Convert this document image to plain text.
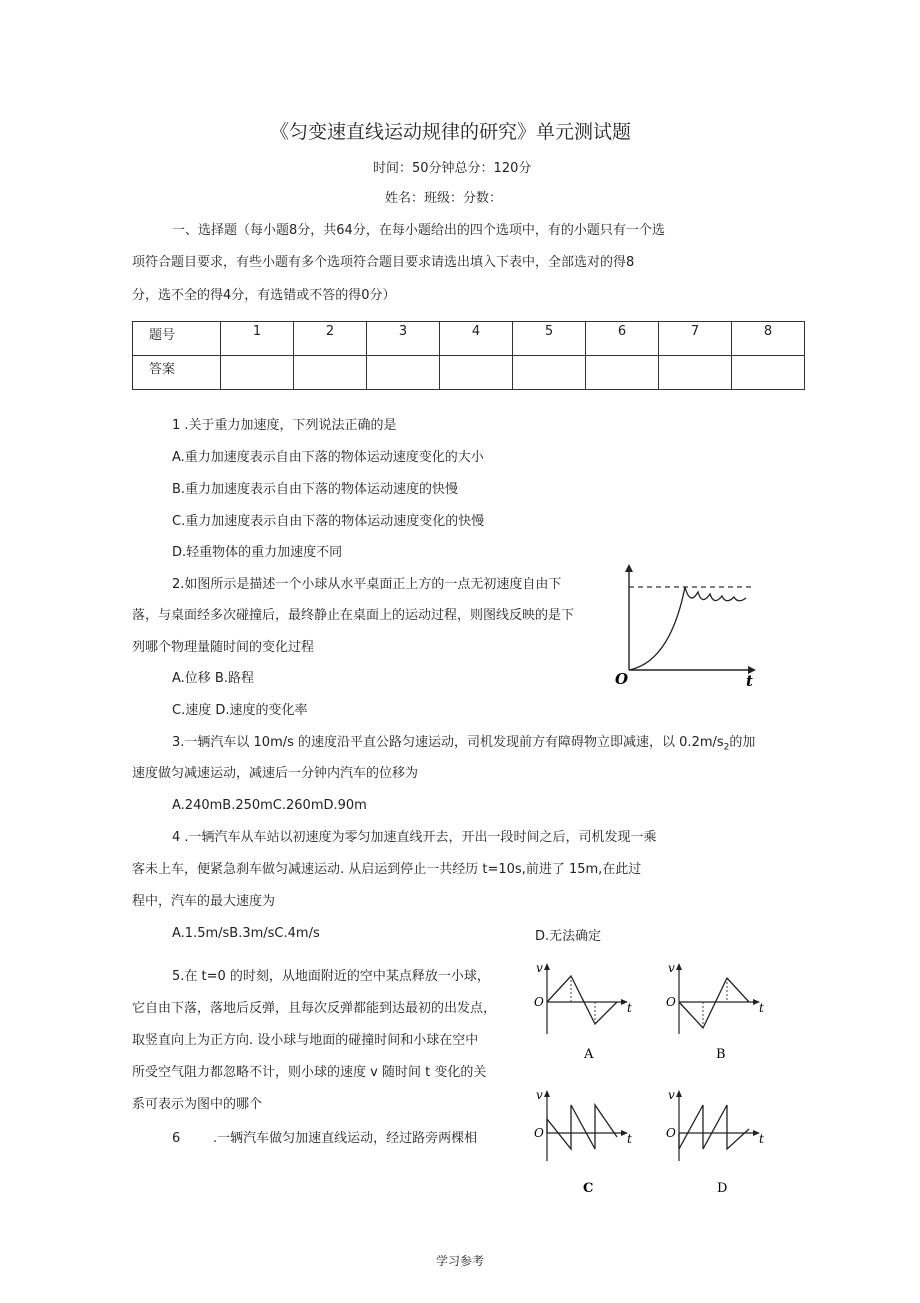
《匀变速直线运动规律的研究》单元测试题
时间：50分钟总分：120分
姓名：班级：分数：
一、选择题（每小题8分，共64分，在每小题给出的四个选项中，有的小题只有一个选
项符合题目要求，有些小题有多个选项符合题目要求请选出填入下表中，全部选对的得8
分，选不全的得4分，有选错或不答的得0分）
题号	1	2	3	4	5	6	7	8
答案								
1 .关于重力加速度，下列说法正确的是
A.重力加速度表示自由下落的物体运动速度变化的大小
B.重力加速度表示自由下落的物体运动速度的快慢
C.重力加速度表示自由下落的物体运动速度变化的快慢
D.轻重物体的重力加速度不同
2.如图所示是描述一个小球从水平桌面正上方的一点无初速度自由下
落，与桌面经多次碰撞后，最终静止在桌面上的运动过程，则图线反映的是下
列哪个物理量随时间的变化过程
A.位移 B.路程
C.速度 D.速度的变化率
O	t
3.一辆汽车以 10m/s 的速度沿平直公路匀速运动，司机发现前方有障碍物立即减速，以 $0.2m/s_2$的加
速度做匀减速运动，减速后一分钟内汽车的位移为
A.240mB.250mC.260mD.90m
4 .一辆汽车从车站以初速度为零匀加速直线开去，开出一段时间之后，司机发现一乘
客未上车，便紧急刹车做匀减速运动. 从启运到停止一共经历 t=10s,前进了 15m,在此过
程中，汽车的最大速度为
A.1.5m/sB.3m/sC.4m/s	D.无法确定
5.在 t=0 的时刻，从地面附近的空中某点释放一小球，
它自由下落，落地后反弹，且每次反弹都能到达最初的出发点，
取竖直向上为正方向. 设小球与地面的碰撞时间和小球在空中
所受空气阻力都忽略不计，则小球的速度 v 随时间 t 变化的关
系可表示为图中的哪个
6	.一辆汽车做匀加速直线运动，经过路旁两棵相
v
O	t
A
v
O	t
B
v
O	t
C
v
O	t
D
学习参考
